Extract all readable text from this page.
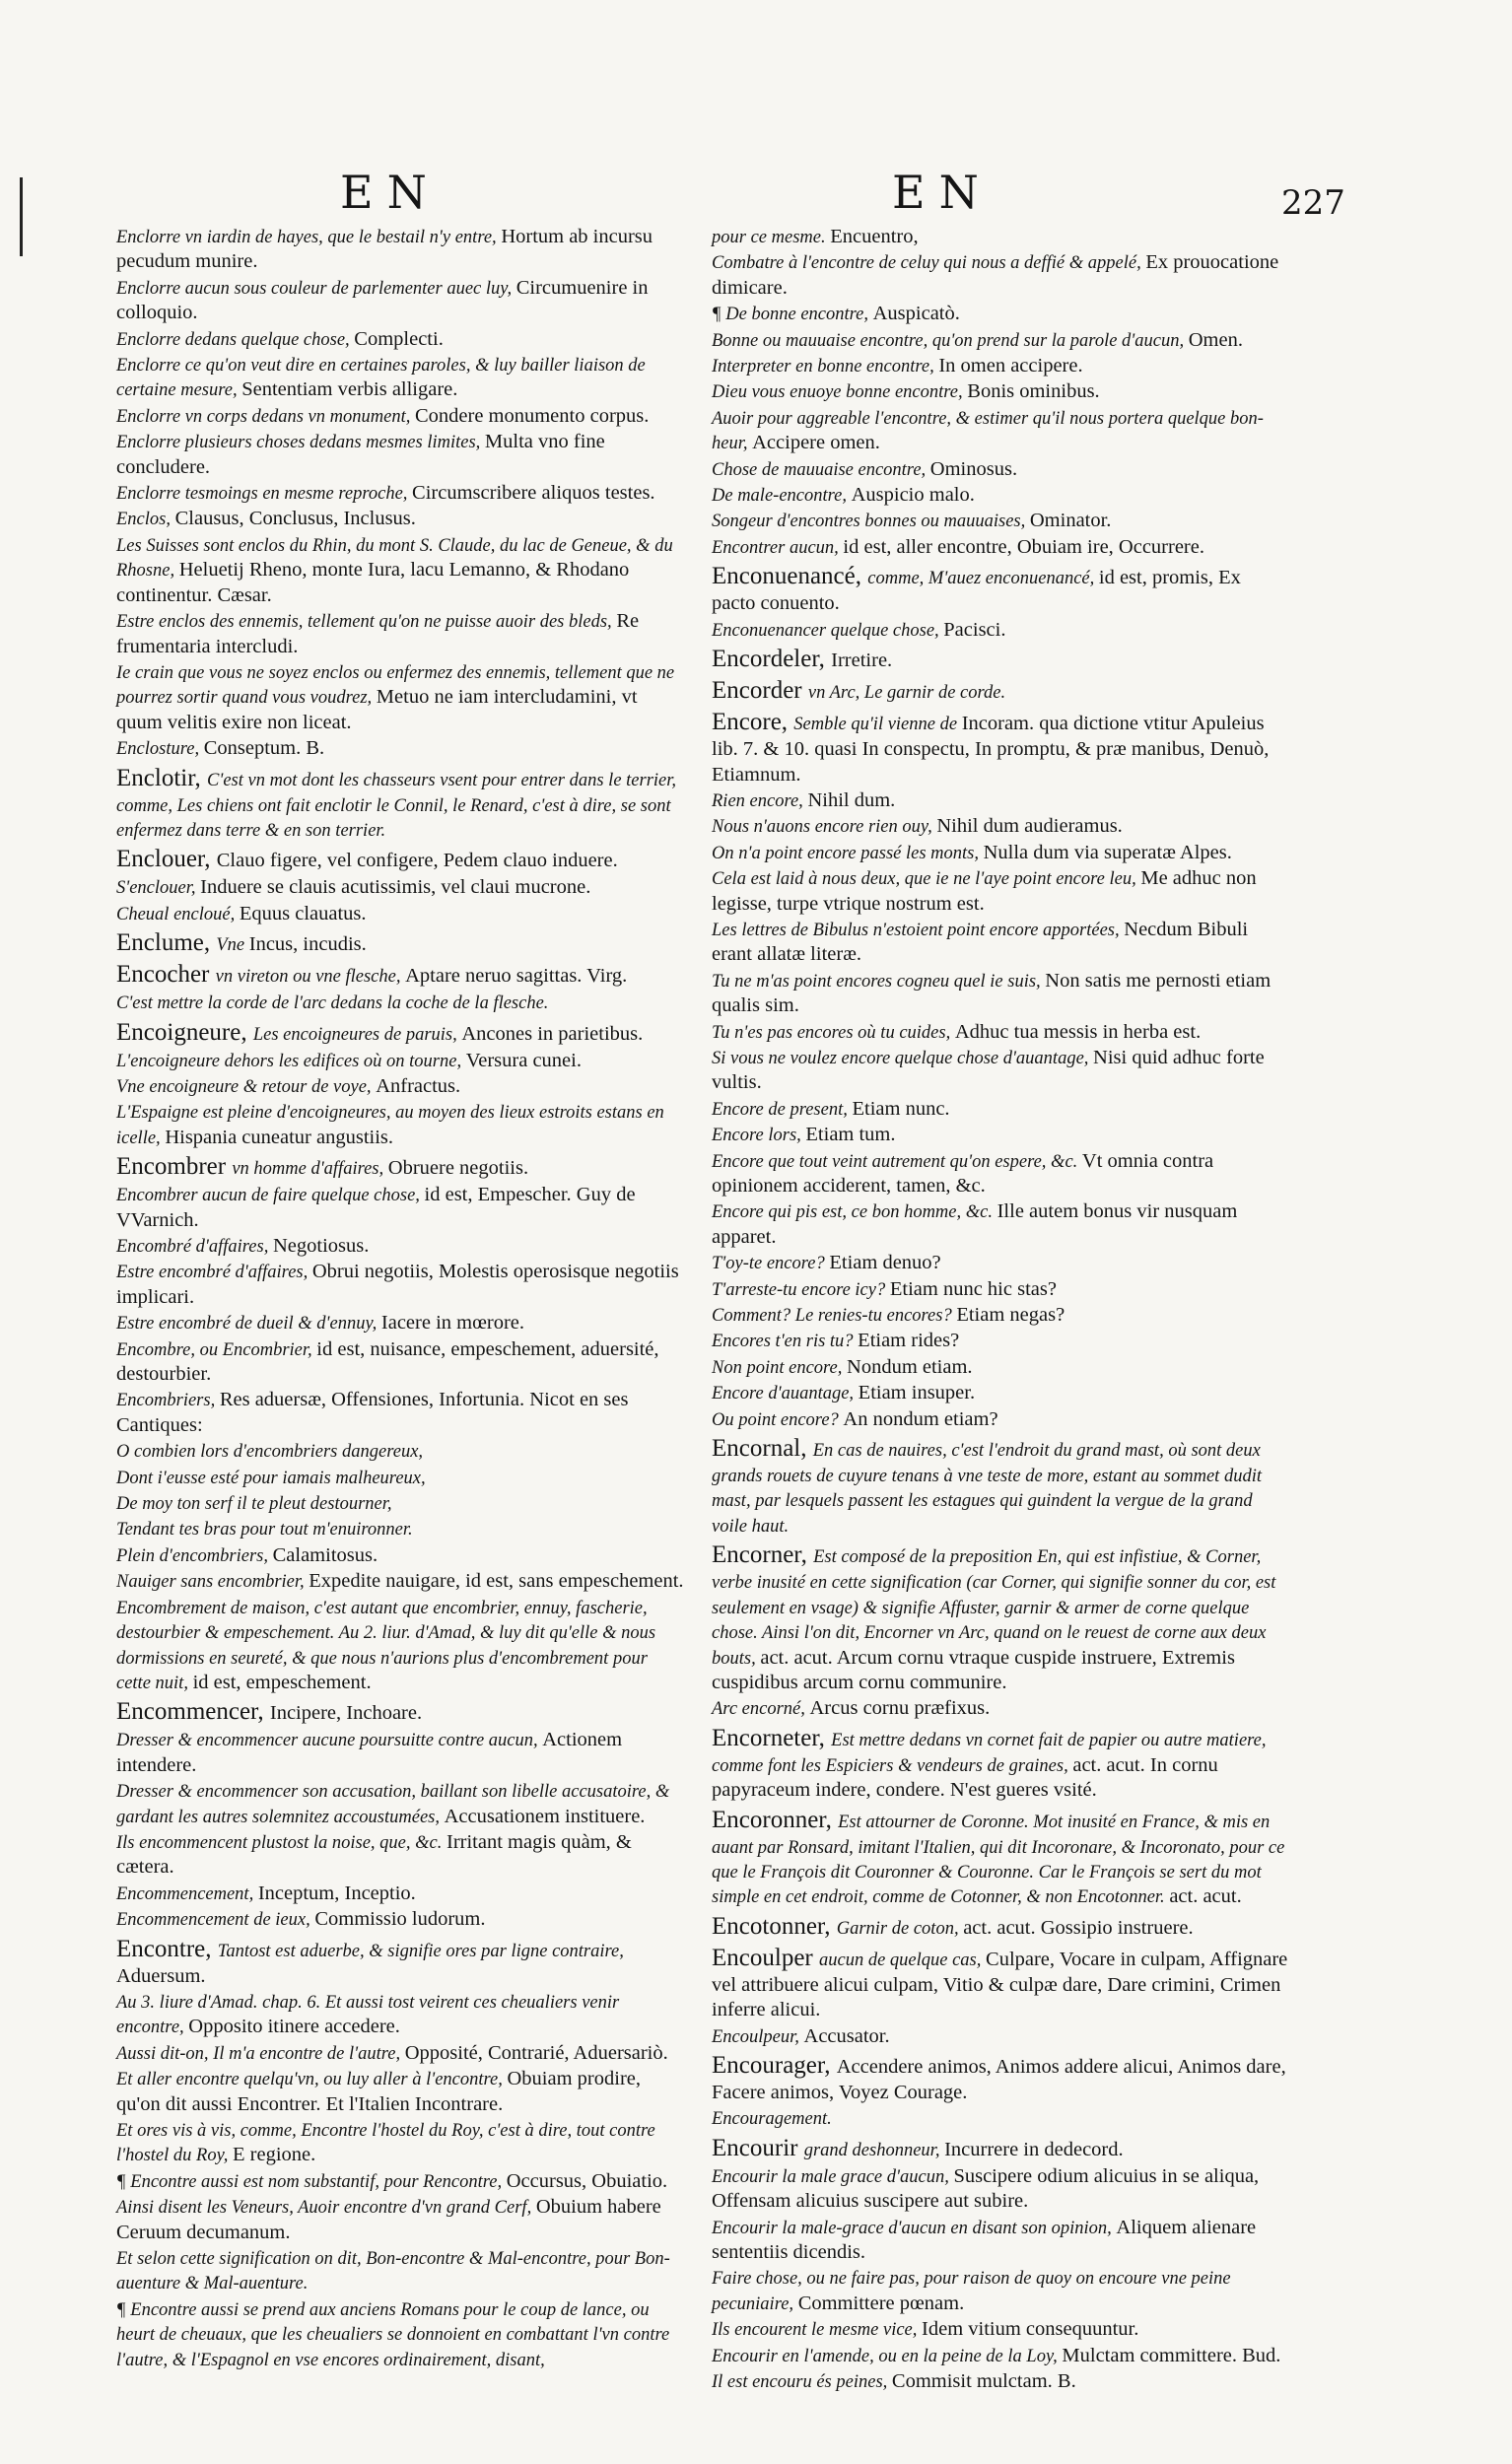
EN	EN	227
Enclorre vn iardin de hayes, que le bestail n'y entre, Hortum ab incursu pecudum munire.
Enclorre aucun sous couleur de parlementer auec luy, Circumuenire in colloquio.
Enclorre dedans quelque chose, Complecti.
Enclorre ce qu'on veut dire en certaines paroles, & luy bailler liaison de certaine mesure, Sententiam verbis alligare.
Enclorre vn corps dedans vn monument, Condere monumento corpus.
Enclorre plusieurs choses dedans mesmes limites, Multa vno fine concludere.
Enclorre tesmoings en mesme reproche, Circumscribere aliquos testes.
Enclos, Clausus, Conclusus, Inclusus.
Les Suisses sont enclos du Rhin, du mont S. Claude, du lac de Geneue, & du Rhosne, Heluetij Rheno, monte Iura, lacu Lemanno, & Rhodano continentur. Cæsar.
Estre enclos des ennemis, tellement qu'on ne puisse auoir des bleds, Re frumentaria intercludi.
Ie crain que vous ne soyez enclos ou enfermez des ennemis, tellement que ne pourrez sortir quand vous voudrez, Metuo ne iam intercludamini, vt quum velitis exire non liceat.
Enclosture, Conseptum. B.
Enclotir, C'est vn mot dont les chasseurs vsent pour entrer dans le terrier, comme, Les chiens ont fait enclotir le Connil, le Renard, c'est à dire, se sont enfermez dans terre & en son terrier.
Enclouer, Clauo figere, vel configere, Pedem clauo induere.
S'enclouer, Induere se clauis acutissimis, vel claui mucrone.
Cheual encloué, Equus clauatus.
Enclume, Vne Incus, incudis.
Encocher vn vireton ou vne flesche, Aptare neruo sagittas. Virg.
C'est mettre la corde de l'arc dedans la coche de la flesche.
Encoigneure, Les encoigneures de paruis, Ancones in parietibus.
L'encoigneure dehors les edifices où on tourne, Versura cunei.
Vne encoigneure & retour de voye, Anfractus.
L'Espaigne est pleine d'encoigneures, au moyen des lieux estroits estans en icelle, Hispania cuneatur angustiis.
Encombrer vn homme d'affaires, Obruere negotiis.
Encombrer aucun de faire quelque chose, id est, Empescher. Guy de VVarnich.
Encombré d'affaires, Negotiosus.
Estre encombré d'affaires, Obrui negotiis, Molestis operosisque negotiis implicari.
Estre encombré de dueil & d'ennuy, Iacere in mœrore.
Encombre, ou Encombrier, id est, nuisance, empeschement, aduersité, destourbier.
Encombriers, Res aduersæ, Offensiones, Infortunia. Nicot en ses Cantiques:
O combien lors d'encombriers dangereux,
Dont i'eusse esté pour iamais malheureux,
De moy ton serf il te pleut destourner,
Tendant tes bras pour tout m'enuironner.
Plein d'encombriers, Calamitosus.
Nauiger sans encombrier, Expedite nauigare, id est, sans empeschement.
Encombrement de maison, c'est autant que encombrier, ennuy, fascherie, destourbier & empeschement. Au 2. liur. d'Amad, & luy dit qu'elle & nous dormissions en seureté, & que nous n'aurions plus d'encombrement pour cette nuit, id est, empeschement.
Encommencer, Incipere, Inchoare.
Dresser & encommencer aucune poursuitte contre aucun, Actionem intendere.
Dresser & encommencer son accusation, baillant son libelle accusatoire, & gardant les autres solemnitez accoustumées, Accusationem instituere.
Ils encommencent plustost la noise, que, &c. Irritant magis quàm, & cætera.
Encommencement, Inceptum, Inceptio.
Encommencement de ieux, Commissio ludorum.
Encontre, Tantost est aduerbe, & signifie ores par ligne contraire, Aduersum.
Au 3. liure d'Amad. chap. 6. Et aussi tost veirent ces cheualiers venir encontre, Opposito itinere accedere.
Aussi dit-on, Il m'a encontre de l'autre, Opposité, Contrarié, Aduersariò.
Et aller encontre quelqu'vn, ou luy aller à l'encontre, Obuiam prodire, qu'on dit aussi Encontrer. Et l'Italien Incontrare.
Et ores vis à vis, comme, Encontre l'hostel du Roy, c'est à dire, tout contre l'hostel du Roy, E regione.
¶ Encontre aussi est nom substantif, pour Rencontre, Occursus, Obuiatio.
Ainsi disent les Veneurs, Auoir encontre d'vn grand Cerf, Obuium habere Ceruum decumanum.
Et selon cette signification on dit, Bon-encontre & Mal-encontre, pour Bon-auenture & Mal-auenture.
¶ Encontre aussi se prend aux anciens Romans pour le coup de lance, ou heurt de cheuaux, que les cheualiers se donnoient en combattant l'vn contre l'autre, & l'Espagnol en vse encores ordinairement, disant,
pour ce mesme. Encuentro,
Combatre à l'encontre de celuy qui nous a deffié & appelé, Ex prouocatione dimicare.
¶ De bonne encontre, Auspicatò.
Bonne ou mauuaise encontre, qu'on prend sur la parole d'aucun, Omen.
Interpreter en bonne encontre, In omen accipere.
Dieu vous enuoye bonne encontre, Bonis ominibus.
Auoir pour aggreable l'encontre, & estimer qu'il nous portera quelque bon-heur, Accipere omen.
Chose de mauuaise encontre, Ominosus.
De male-encontre, Auspicio malo.
Songeur d'encontres bonnes ou mauuaises, Ominator.
Encontrer aucun, id est, aller encontre, Obuiam ire, Occurrere.
Enconuenancé, comme, M'auez enconuenancé, id est, promis, Ex pacto conuento.
Enconuenancer quelque chose, Pacisci.
Encordeler, Irretire.
Encorder vn Arc, Le garnir de corde.
Encore, Semble qu'il vienne de Incoram. qua dictione vtitur Apuleius lib. 7. & 10. quasi In conspectu, In promptu, & præ manibus, Denuò, Etiamnum.
Rien encore, Nihil dum.
Nous n'auons encore rien ouy, Nihil dum audieramus.
On n'a point encore passé les monts, Nulla dum via superatæ Alpes.
Cela est laid à nous deux, que ie ne l'aye point encore leu, Me adhuc non legisse, turpe vtrique nostrum est.
Les lettres de Bibulus n'estoient point encore apportées, Necdum Bibuli erant allatæ literæ.
Tu ne m'as point encores cogneu quel ie suis, Non satis me pernosti etiam qualis sim.
Tu n'es pas encores où tu cuides, Adhuc tua messis in herba est.
Si vous ne voulez encore quelque chose d'auantage, Nisi quid adhuc forte vultis.
Encore de present, Etiam nunc.
Encore lors, Etiam tum.
Encore que tout veint autrement qu'on espere, &c. Vt omnia contra opinionem acciderent, tamen, &c.
Encore qui pis est, ce bon homme, &c. Ille autem bonus vir nusquam apparet.
T'oy-te encore? Etiam denuo?
T'arreste-tu encore icy? Etiam nunc hic stas?
Comment? Le renies-tu encores? Etiam negas?
Encores t'en ris tu? Etiam rides?
Non point encore, Nondum etiam.
Encore d'auantage, Etiam insuper.
Ou point encore? An nondum etiam?
Encornal, En cas de nauires, c'est l'endroit du grand mast, où sont deux grands rouets de cuyure tenans à vne teste de more, estant au sommet dudit mast, par lesquels passent les estagues qui guindent la vergue de la grand voile haut.
Encorner, Est composé de la preposition En, qui est infistiue, & Corner, verbe inusité en cette signification (car Corner, qui signifie sonner du cor, est seulement en vsage) & signifie Affuster, garnir & armer de corne quelque chose. Ainsi l'on dit, Encorner vn Arc, quand on le reuest de corne aux deux bouts, act. acut. Arcum cornu vtraque cuspide instruere, Extremis cuspidibus arcum cornu communire.
Arc encorné, Arcus cornu præfixus.
Encorneter, Est mettre dedans vn cornet fait de papier ou autre matiere, comme font les Espiciers & vendeurs de graines, act. acut. In cornu papyraceum indere, condere. N'est gueres vsité.
Encoronner, Est attourner de Coronne. Mot inusité en France, & mis en auant par Ronsard, imitant l'Italien, qui dit Incoronare, & Incoronato, pour ce que le François dit Couronner & Couronne. Car le François se sert du mot simple en cet endroit, comme de Cotonner, & non Encotonner. act. acut.
Encotonner, Garnir de coton, act. acut. Gossipio instruere.
Encoulper aucun de quelque cas, Culpare, Vocare in culpam, Affignare vel attribuere alicui culpam, Vitio & culpæ dare, Dare crimini, Crimen inferre alicui.
Encoulpeur, Accusator.
Encourager, Accendere animos, Animos addere alicui, Animos dare, Facere animos, Voyez Courage.
Encouragement.
Encourir grand deshonneur, Incurrere in dedecord.
Encourir la male grace d'aucun, Suscipere odium alicuius in se aliqua, Offensam alicuius suscipere aut subire.
Encourir la male-grace d'aucun en disant son opinion, Aliquem alienare sententiis dicendis.
Faire chose, ou ne faire pas, pour raison de quoy on encoure vne peine pecuniaire, Committere pœnam.
Ils encourent le mesme vice, Idem vitium consequuntur.
Encourir en l'amende, ou en la peine de la Loy, Mulctam committere. Bud.
Il est encouru és peines, Commisit mulctam. B.
